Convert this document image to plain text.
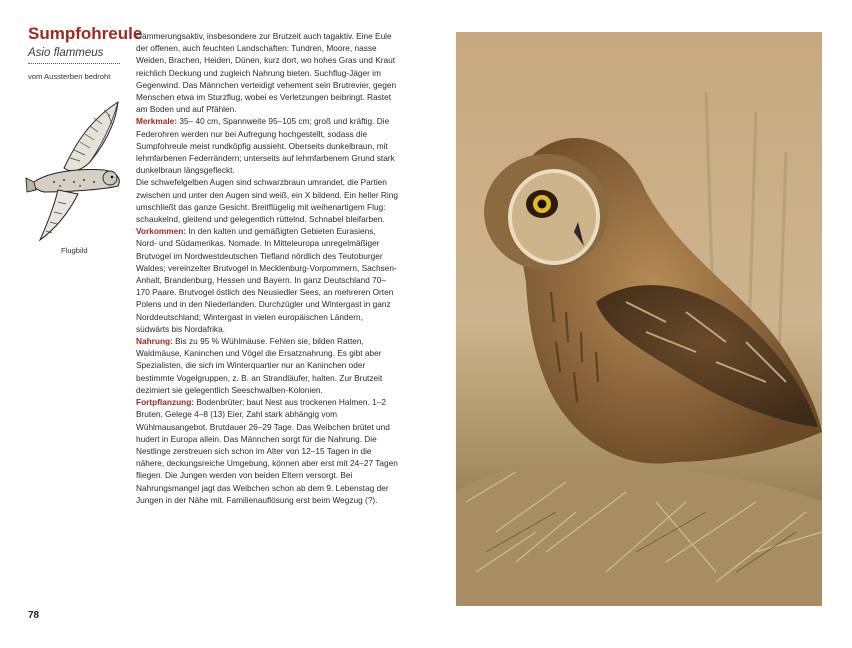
Sumpfohreule
Asio flammeus
vom Aussterben bedroht
Flugbild

Dämmerungsaktiv, insbesondere zur Brutzeit auch tagaktiv. Eine Eule der offenen, auch feuchten Landschaften: Tundren, Moore, nasse Weiden, Brachen, Heiden, Dünen, kurz dort, wo hohes Gras und Kraut reichlich Deckung und zugleich Nahrung bieten. Suchflug-Jäger im Gegenwind. Das Männchen verteidigt vehement sein Brutrevier, gegen Menschen etwa im Sturzflug, wobei es Verletzungen beibringt. Rastet am Boden und auf Pfählen.

Merkmale: 35– 40 cm, Spannweite 95–105 cm; groß und kräftig. Die Federohren werden nur bei Aufregung hochgestellt, sodass die Sumpfohreule meist rundköpfig aussieht. Oberseits dunkelbraun, mit lehmfarbenen Federrändern; unterseits auf lehmfarbenem Grund stark dunkelbraun längsgefleckt.

Die schwefelgelben Augen sind schwarzbraun umrandet, die Partien zwischen und unter den Augen sind weiß, ein X bildend. Ein heller Ring umschließt das ganze Gesicht. Breitflügelig mit weihenartigem Flug: schaukelnd, gleitend und gelegentlich rüttelnd. Schnabel bleifarben.

Vorkommen: In den kalten und gemäßigten Gebieten Eurasiens, Nord- und Südamerikas. Nomade. In Mitteleuropa unregelmäßiger Brutvogel im Nordwestdeutschen Tiefland nördlich des Teutoburger Waldes; vereinzelter Brutvogel in Mecklenburg-Vorpommern, Sachsen-Anhalt, Brandenburg, Hessen und Bayern. In ganz Deutschland 70–170 Paare. Brutvogel östlich des Neusiedler Sees, an mehreren Orten Polens und in den Niederlanden. Durchzügler und Wintergast in ganz Norddeutschland; Wintergast in vielen europäischen Ländern, südwärts bis Nordafrika.

Nahrung: Bis zu 95 % Wühlmäuse. Fehlen sie, bilden Ratten, Waldmäuse, Kaninchen und Vögel die Ersatznahrung. Es gibt aber Spezialisten, die sich im Winterquartier nur an Kaninchen oder bestimmte Vogelgruppen, z. B. an Strandläufer, halten. Zur Brutzeit dezimiert sie gelegentlich Seeschwalben-Kolonien.

Fortpflanzung: Bodenbrüter; baut Nest aus trockenen Halmen. 1–2 Bruten. Gelege 4–8 (13) Eier, Zahl stark abhängig vom Wühlmausangebot. Brutdauer 26–29 Tage. Das Weibchen brütet und hudert in Europa allein. Das Männchen sorgt für die Nahrung. Die Nestlinge zerstreuen sich schon im Alter von 12–15 Tagen in die nähere, deckungsreiche Umgebung, können aber erst mit 24–27 Tagen fliegen. Die Jungen werden von beiden Eltern versorgt. Bei Nahrungsmangel jagt das Weibchen schon ab dem 9. Lebenstag der Jungen in der Nähe mit. Familienauflösung erst beim Wegzug (?).

78
